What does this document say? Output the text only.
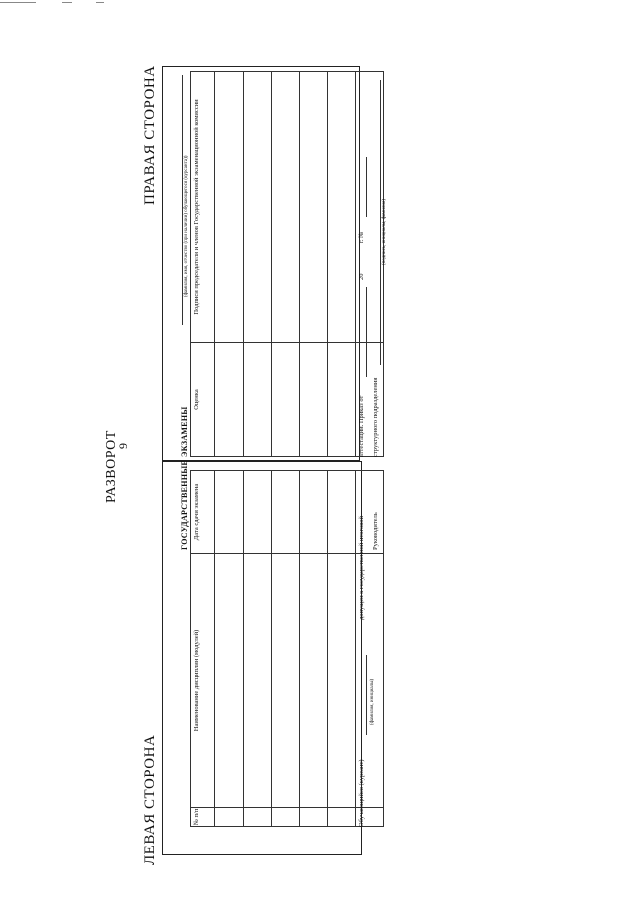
9
РАЗВОРОТ
ЛЕВАЯ СТОРОНА
ГОСУДАРСТВЕННЫЕ
№ п/п	Наименование дисциплин (модулей)	Дата сдачи экзамена

Обучающийся (курсант)
(фамилия, инициалы)
допущен к государственной итоговой Руководитель
ПРАВАЯ СТОРОНА
ЭКЗАМЕНЫ
(фамилия, имя, отчество (при наличии) обучающегося (курсанта))
Оценка	Подписи председателя и членов Государственной экзаменационной комиссии

аттестации. Приказ от
20
г. №
структурного подразделения
(подпись, инициалы, фамилия)
